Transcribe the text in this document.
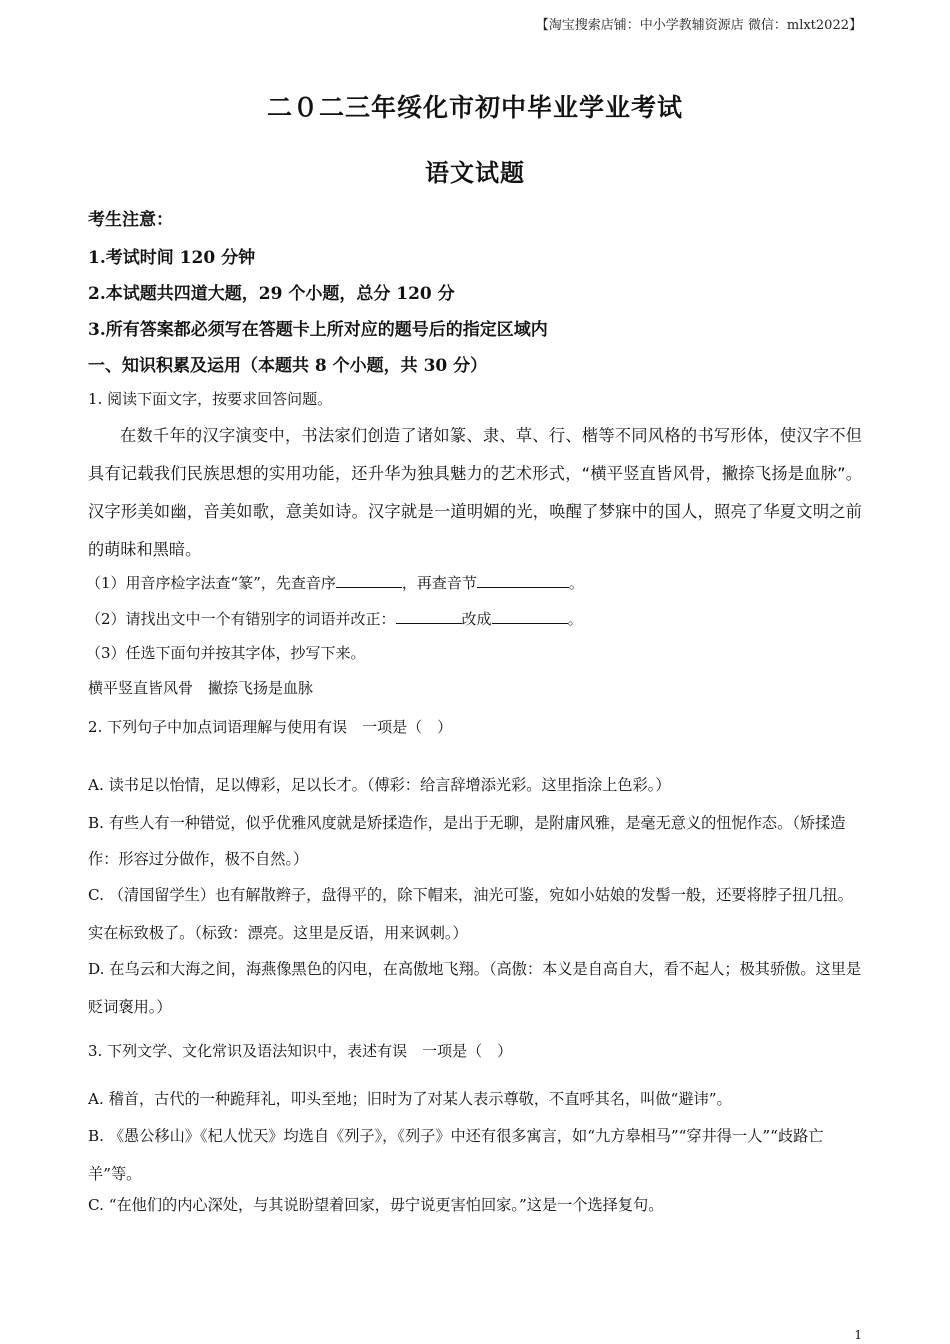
【淘宝搜索店铺：中小学教辅资源店 微信：mlxt2022】
二０二三年绥化市初中毕业学业考试
语文试题
考生注意：
1.考试时间 120 分钟
2.本试题共四道大题，29 个小题，总分 120 分
3.所有答案都必须写在答题卡上所对应的题号后的指定区域内
一、知识积累及运用（本题共 8 个小题，共 30 分）
1. 阅读下面文字，按要求回答问题。
在数千年的汉字演变中，书法家们创造了诸如篆、隶、草、行、楷等不同风格的书写形体，使汉字不但具有记载我们民族思想的实用功能，还升华为独具魅力的艺术形式，“横平竖直皆风骨，撇捺飞扬是血脉”。汉字形美如幽，音美如歌，意美如诗。汉字就是一道明媚的光，唤醒了梦寐中的国人，照亮了华夏文明之前的萌昧和黑暗。
（1）用音序检字法查“篆”，先查音序	，再查音节	。
（2）请找出文中一个有错别字的词语并改正：	改成	。
（3）任选下面句并按其字体，抄写下来。
横平竖直皆风骨　撇捺飞扬是血脉
2. 下列句子中加点词语理解与使用有误　一项是（　）
A. 读书足以怡情，足以傅彩，足以长才。（傅彩：给言辞增添光彩。这里指涂上色彩。）
B. 有些人有一种错觉，似乎优雅风度就是矫揉造作，是出于无聊，是附庸风雅，是毫无意义的忸怩作态。（矫揉造作：形容过分做作，极不自然。）
C. （清国留学生）也有解散辫子，盘得平的，除下帽来，油光可鉴，宛如小姑娘的发髻一般，还要将脖子扭几扭。实在标致极了。（标致：漂亮。这里是反语，用来讽刺。）
D. 在乌云和大海之间，海燕像黑色的闪电，在高傲地飞翔。（高傲：本义是自高自大，看不起人；极其骄傲。这里是贬词褒用。）
3. 下列文学、文化常识及语法知识中，表述有误　一项是（　）
A. 稽首，古代的一种跪拜礼，叩头至地；旧时为了对某人表示尊敬，不直呼其名，叫做“避讳”。
B. 《愚公移山》《杞人忧天》均选自《列子》，《列子》中还有很多寓言，如“九方皋相马”“穿井得一人”“歧路亡羊”等。
C. “在他们的内心深处，与其说盼望着回家，毋宁说更害怕回家。”这是一个选择复句。
1
